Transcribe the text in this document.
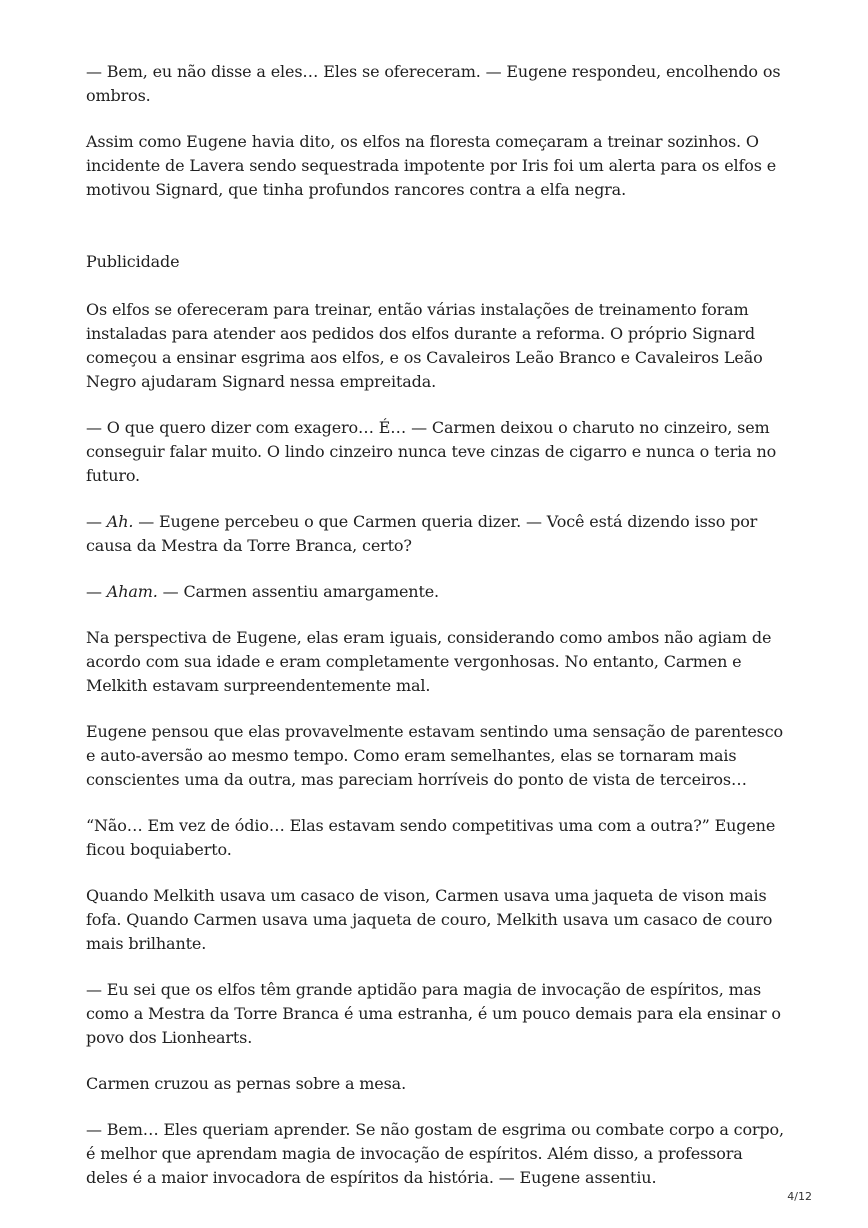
— Bem, eu não disse a eles… Eles se ofereceram. — Eugene respondeu, encolhendo os ombros.

Assim como Eugene havia dito, os elfos na floresta começaram a treinar sozinhos. O incidente de Lavera sendo sequestrada impotente por Iris foi um alerta para os elfos e motivou Signard, que tinha profundos rancores contra a elfa negra.

Publicidade

Os elfos se ofereceram para treinar, então várias instalações de treinamento foram instaladas para atender aos pedidos dos elfos durante a reforma. O próprio Signard começou a ensinar esgrima aos elfos, e os Cavaleiros Leão Branco e Cavaleiros Leão Negro ajudaram Signard nessa empreitada.

— O que quero dizer com exagero… É… — Carmen deixou o charuto no cinzeiro, sem conseguir falar muito. O lindo cinzeiro nunca teve cinzas de cigarro e nunca o teria no futuro.

— Ah. — Eugene percebeu o que Carmen queria dizer. — Você está dizendo isso por causa da Mestra da Torre Branca, certo?

— Aham. — Carmen assentiu amargamente.

Na perspectiva de Eugene, elas eram iguais, considerando como ambos não agiam de acordo com sua idade e eram completamente vergonhosas. No entanto, Carmen e Melkith estavam surpreendentemente mal.

Eugene pensou que elas provavelmente estavam sentindo uma sensação de parentesco e auto-aversão ao mesmo tempo. Como eram semelhantes, elas se tornaram mais conscientes uma da outra, mas pareciam horríveis do ponto de vista de terceiros…

“Não… Em vez de ódio… Elas estavam sendo competitivas uma com a outra?” Eugene ficou boquiaberto.

Quando Melkith usava um casaco de vison, Carmen usava uma jaqueta de vison mais fofa. Quando Carmen usava uma jaqueta de couro, Melkith usava um casaco de couro mais brilhante.

— Eu sei que os elfos têm grande aptidão para magia de invocação de espíritos, mas como a Mestra da Torre Branca é uma estranha, é um pouco demais para ela ensinar o povo dos Lionhearts.

Carmen cruzou as pernas sobre a mesa.

— Bem… Eles queriam aprender. Se não gostam de esgrima ou combate corpo a corpo, é melhor que aprendam magia de invocação de espíritos. Além disso, a professora deles é a maior invocadora de espíritos da história. — Eugene assentiu.

4/12
